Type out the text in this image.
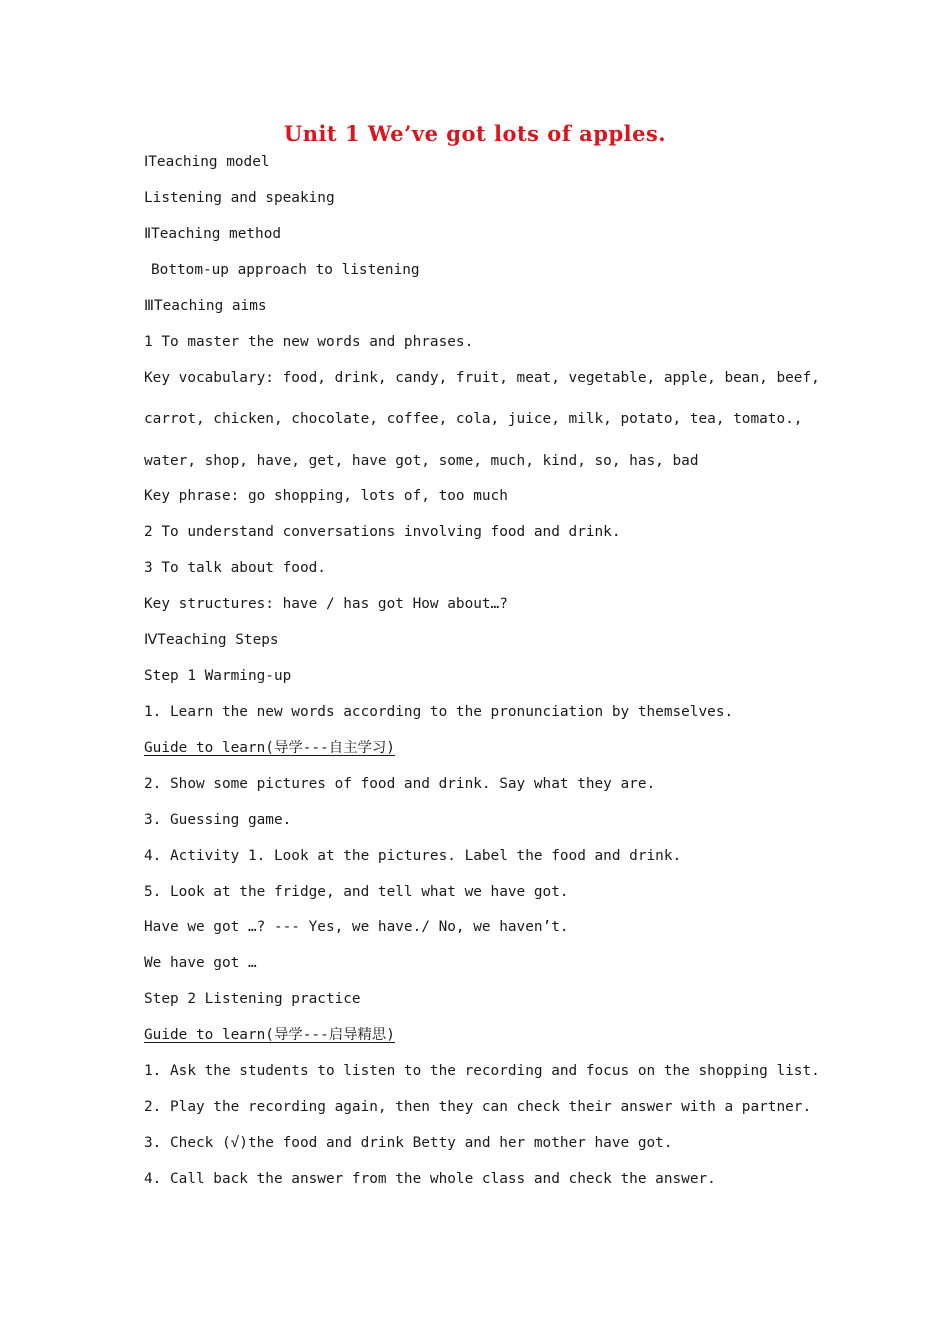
Unit 1 We’ve got lots of apples.
ⅠTeaching model
Listening and speaking
ⅡTeaching method
Bottom-up approach to listening
ⅢTeaching aims
1 To master the new words and phrases.
Key vocabulary: food, drink, candy, fruit, meat, vegetable, apple, bean, beef,
carrot, chicken, chocolate, coffee, cola, juice, milk, potato, tea, tomato.,
water, shop, have, get, have got, some, much, kind, so, has, bad
Key phrase: go shopping, lots of, too much
2 To understand conversations involving food and drink.
3 To talk about food.
Key structures: have / has got How about…?
ⅣTeaching Steps
Step 1 Warming-up
1. Learn the new words according to the pronunciation by themselves.
Guide to learn(导学---自主学习)
2. Show some pictures of food and drink. Say what they are.
3. Guessing game.
4. Activity 1. Look at the pictures. Label the food and drink.
5. Look at the fridge, and tell what we have got.
Have we got …? --- Yes, we have./ No, we haven’t.
We have got …
Step 2 Listening practice
Guide to learn(导学---启导精思)
1. Ask the students to listen to the recording and focus on the shopping list.
2. Play the recording again, then they can check their answer with a partner.
3. Check (√)the food and drink Betty and her mother have got.
4. Call back the answer from the whole class and check the answer.
